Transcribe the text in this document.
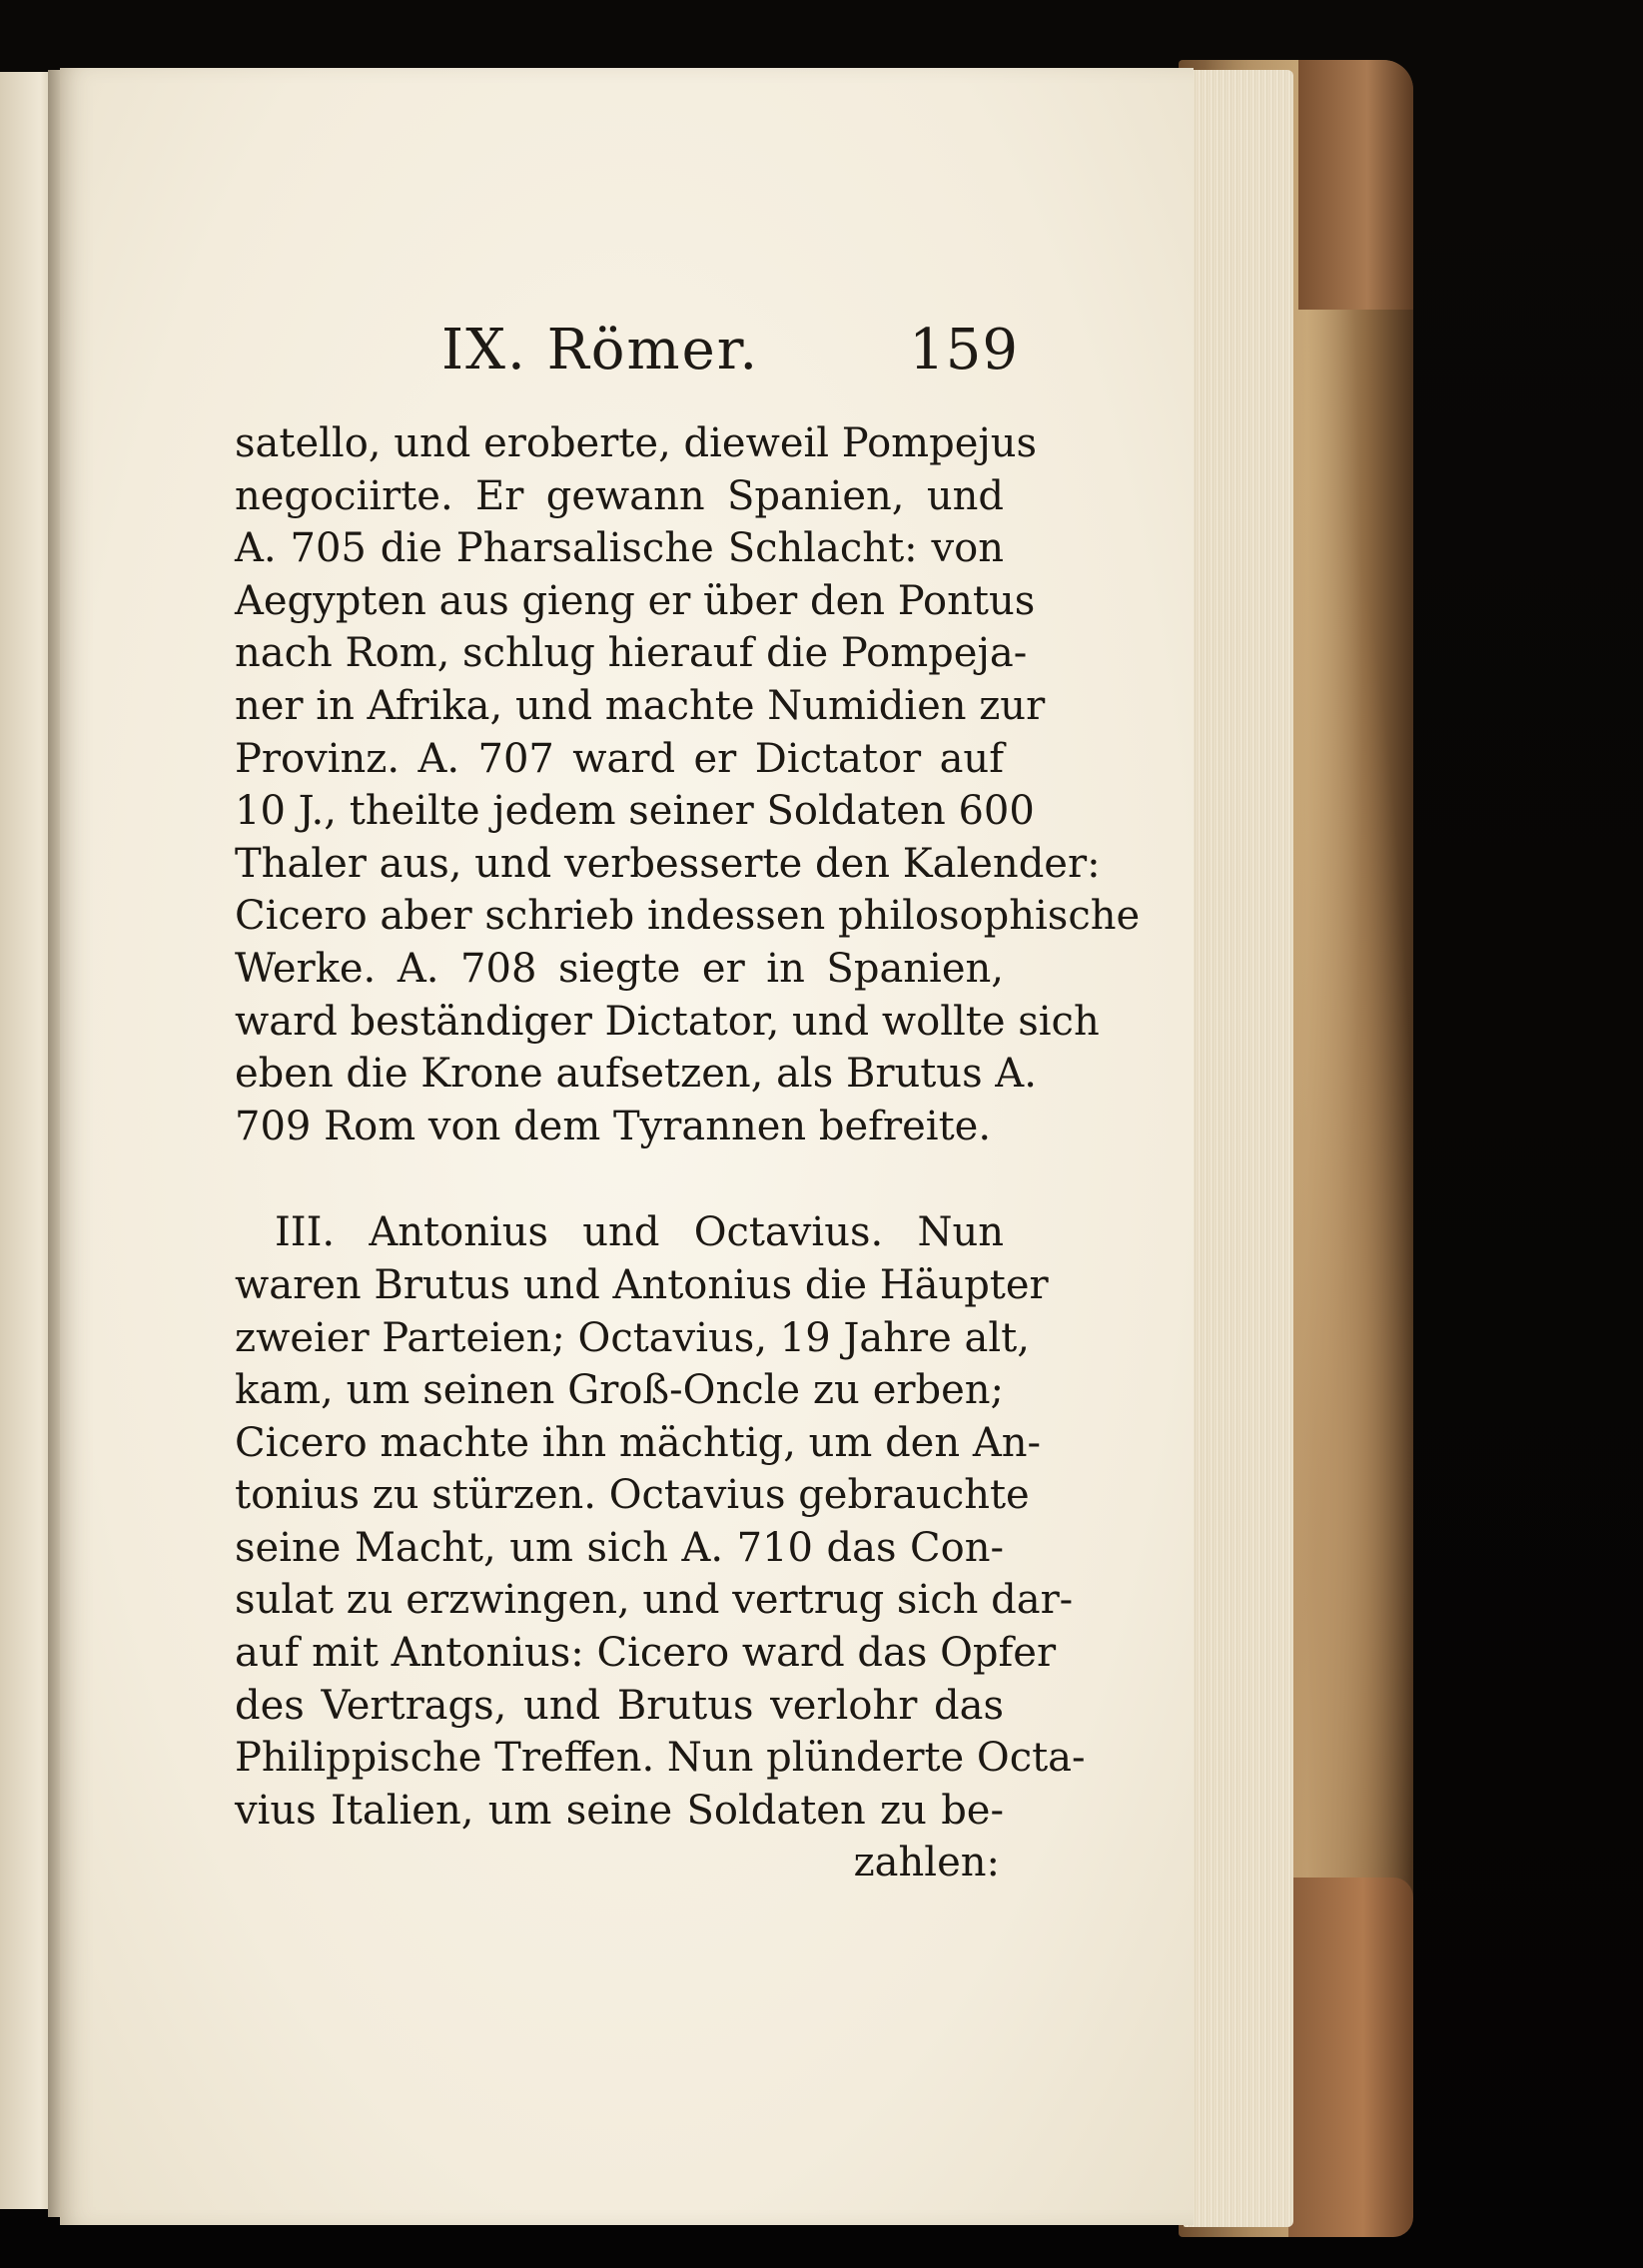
IX. Römer.	159
satello, und eroberte, dieweil Pompejus
negociirte. Er gewann Spanien, und
A. 705 die Pharsalische Schlacht: von
Aegypten aus gieng er über den Pontus
nach Rom, schlug hierauf die Pompeja-
ner in Afrika, und machte Numidien zur
Provinz. A. 707 ward er Dictator auf
10 J., theilte jedem seiner Soldaten 600
Thaler aus, und verbesserte den Kalender:
Cicero aber schrieb indessen philosophische
Werke. A. 708 siegte er in Spanien,
ward beständiger Dictator, und wollte sich
eben die Krone aufsetzen, als Brutus A.
709 Rom von dem Tyrannen befreite.
III. Antonius und Octavius. Nun
waren Brutus und Antonius die Häupter
zweier Parteien; Octavius, 19 Jahre alt,
kam, um seinen Groß-Oncle zu erben;
Cicero machte ihn mächtig, um den An-
tonius zu stürzen. Octavius gebrauchte
seine Macht, um sich A. 710 das Con-
sulat zu erzwingen, und vertrug sich dar-
auf mit Antonius: Cicero ward das Opfer
des Vertrags, und Brutus verlohr das
Philippische Treffen. Nun plünderte Octa-
vius Italien, um seine Soldaten zu be-
zahlen:
